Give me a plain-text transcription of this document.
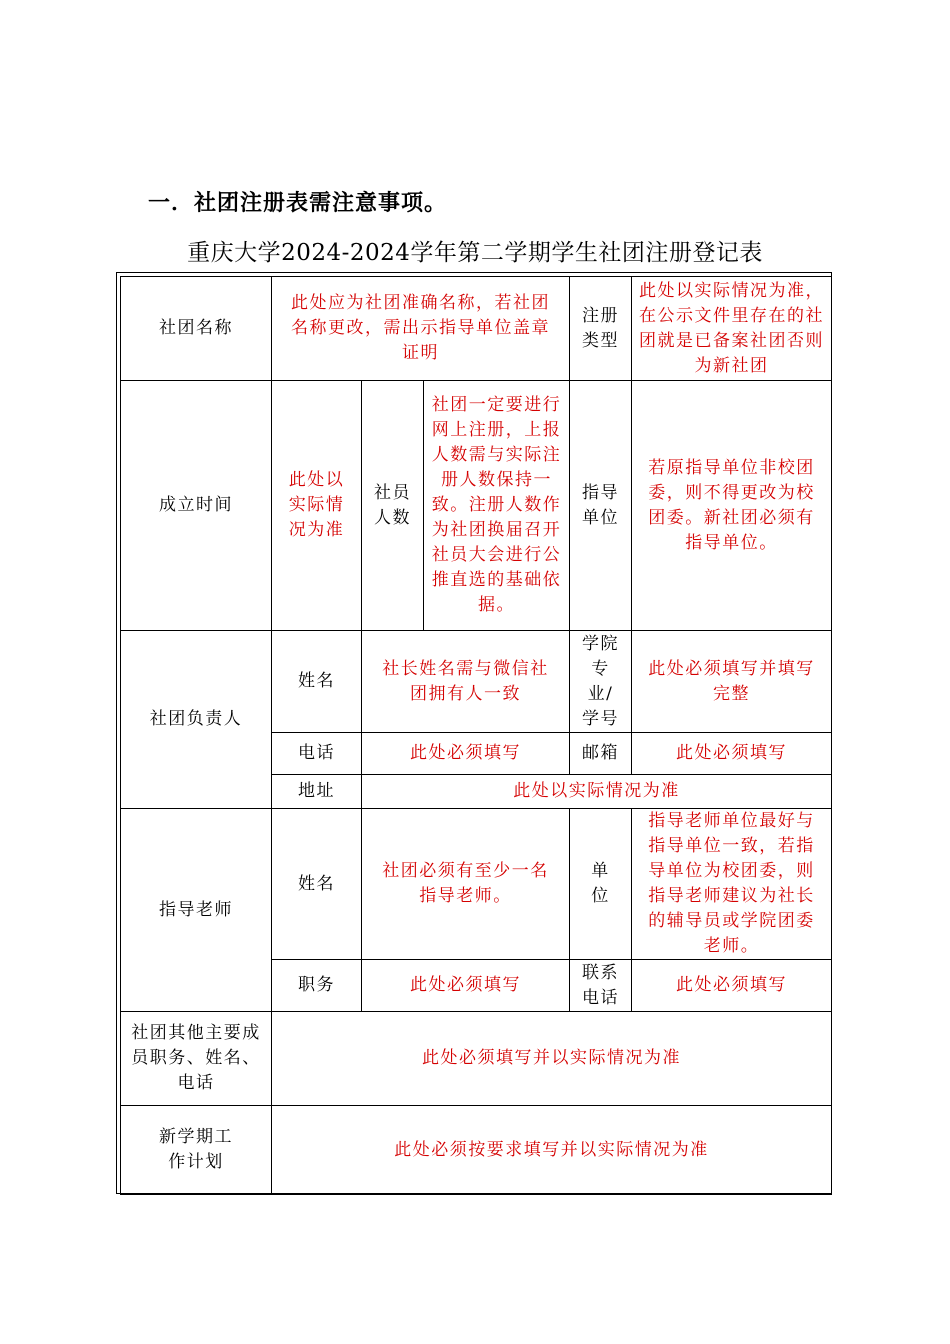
一．社团注册表需注意事项。
重庆大学2024-2024学年第二学期学生社团注册登记表
社团名称	此处应为社团准确名称，若社团名称更改，需出示指导单位盖章证明			注册类型	此处以实际情况为准，在公示文件里存在的社团就是已备案社团否则为新社团
成立时间	此处以实际情况为准	社员人数	社团一定要进行网上注册，上报人数需与实际注册人数保持一致。注册人数作为社团换届召开社员大会进行公推直选的基础依据。	指导单位	若原指导单位非校团委，则不得更改为校团委。新社团必须有指导单位。
社团负责人	姓名	社长姓名需与微信社团拥有人一致		学院专业/学号	此处必须填写并填写完整
	电话	此处必须填写		邮箱	此处必须填写
	地址	此处以实际情况为准			
指导老师	姓名	社团必须有至少一名指导老师。		单位	指导老师单位最好与指导单位一致，若指导单位为校团委，则指导老师建议为社长的辅导员或学院团委老师。
	职务	此处必须填写		联系电话	此处必须填写
社团其他主要成员职务、姓名、电话	此处必须填写并以实际情况为准				
新学期工作计划	此处必须按要求填写并以实际情况为准				
